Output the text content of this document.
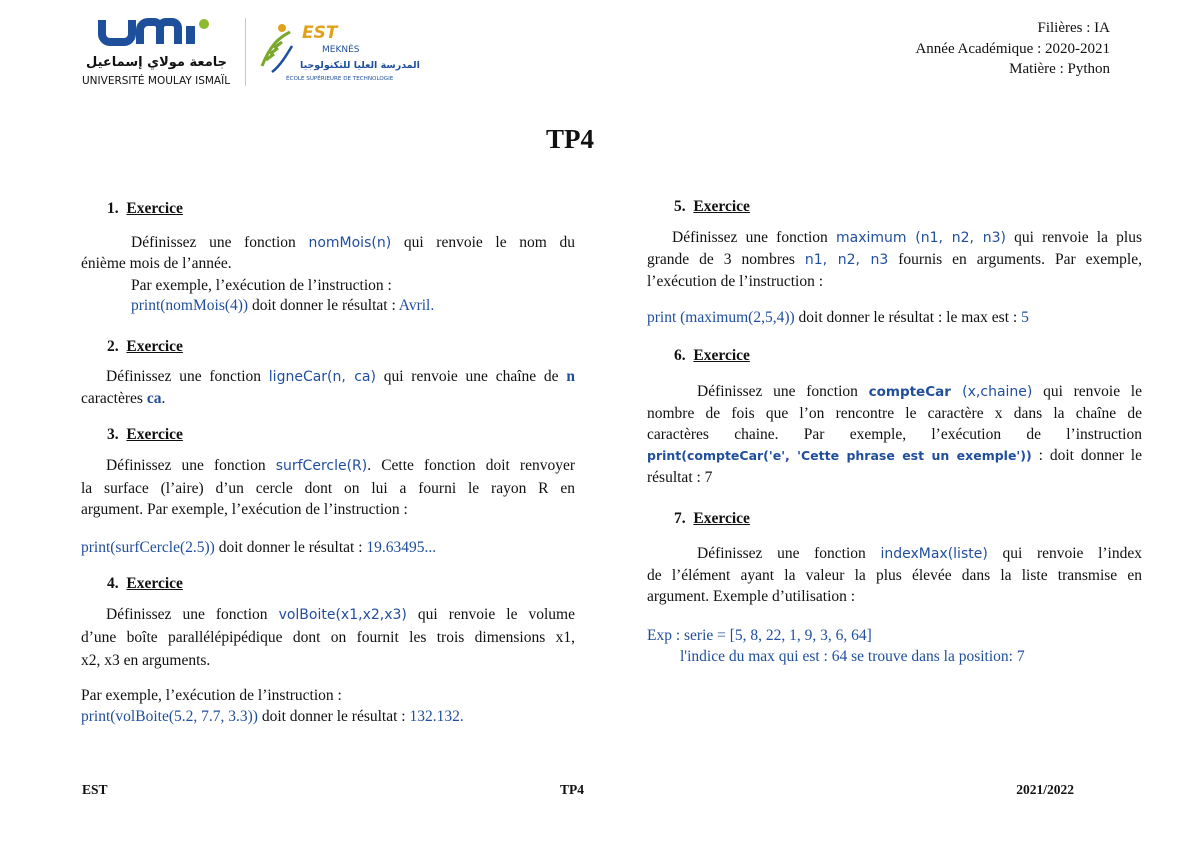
جامعة مولاي إسماعيل
UNIVERSITÉ MOULAY ISMAÏL
EST
MEKNÈS
المدرسة العليا للتكنولوجيا
ÉCOLE SUPÉRIEURE DE TECHNOLOGIE
Filières : IA
Année Académique : 2020-2021
Matière : Python
TP4
1. Exercice
Définissez une fonction nomMois(n) qui renvoie le nom du
énième mois de l’année.
Par exemple, l’exécution de l’instruction :
print(nomMois(4)) doit donner le résultat : Avril.
2. Exercice
Définissez une fonction ligneCar(n, ca) qui renvoie une chaîne de n
caractères ca.
3. Exercice
Définissez une fonction surfCercle(R). Cette fonction doit renvoyer
la surface (l’aire) d’un cercle dont on lui a fourni le rayon R en
argument. Par exemple, l’exécution de l’instruction :
print(surfCercle(2.5)) doit donner le résultat : 19.63495...
4. Exercice
Définissez une fonction volBoite(x1,x2,x3) qui renvoie le volume
d’une boîte parallélépipédique dont on fournit les trois dimensions x1,
x2, x3 en arguments.
Par exemple, l’exécution de l’instruction :
print(volBoite(5.2, 7.7, 3.3)) doit donner le résultat : 132.132.
5. Exercice
Définissez une fonction maximum (n1, n2, n3) qui renvoie la plus
grande de 3 nombres n1, n2, n3 fournis en arguments. Par exemple,
l’exécution de l’instruction :
print (maximum(2,5,4)) doit donner le résultat : le max est : 5
6. Exercice
Définissez une fonction compteCar (x,chaine) qui renvoie le
nombre de fois que l’on rencontre le caractère x dans la chaîne de
caractères chaine. Par exemple, l’exécution de l’instruction
print(compteCar('e', 'Cette phrase est un exemple')) : doit donner le
résultat : 7
7. Exercice
Définissez une fonction indexMax(liste) qui renvoie l’index
de l’élément ayant la valeur la plus élevée dans la liste transmise en
argument. Exemple d’utilisation :
Exp : serie = [5, 8, 22, 1, 9, 3, 6, 64]
l'indice du max qui est : 64 se trouve dans la position: 7
EST	TP4	2021/2022
